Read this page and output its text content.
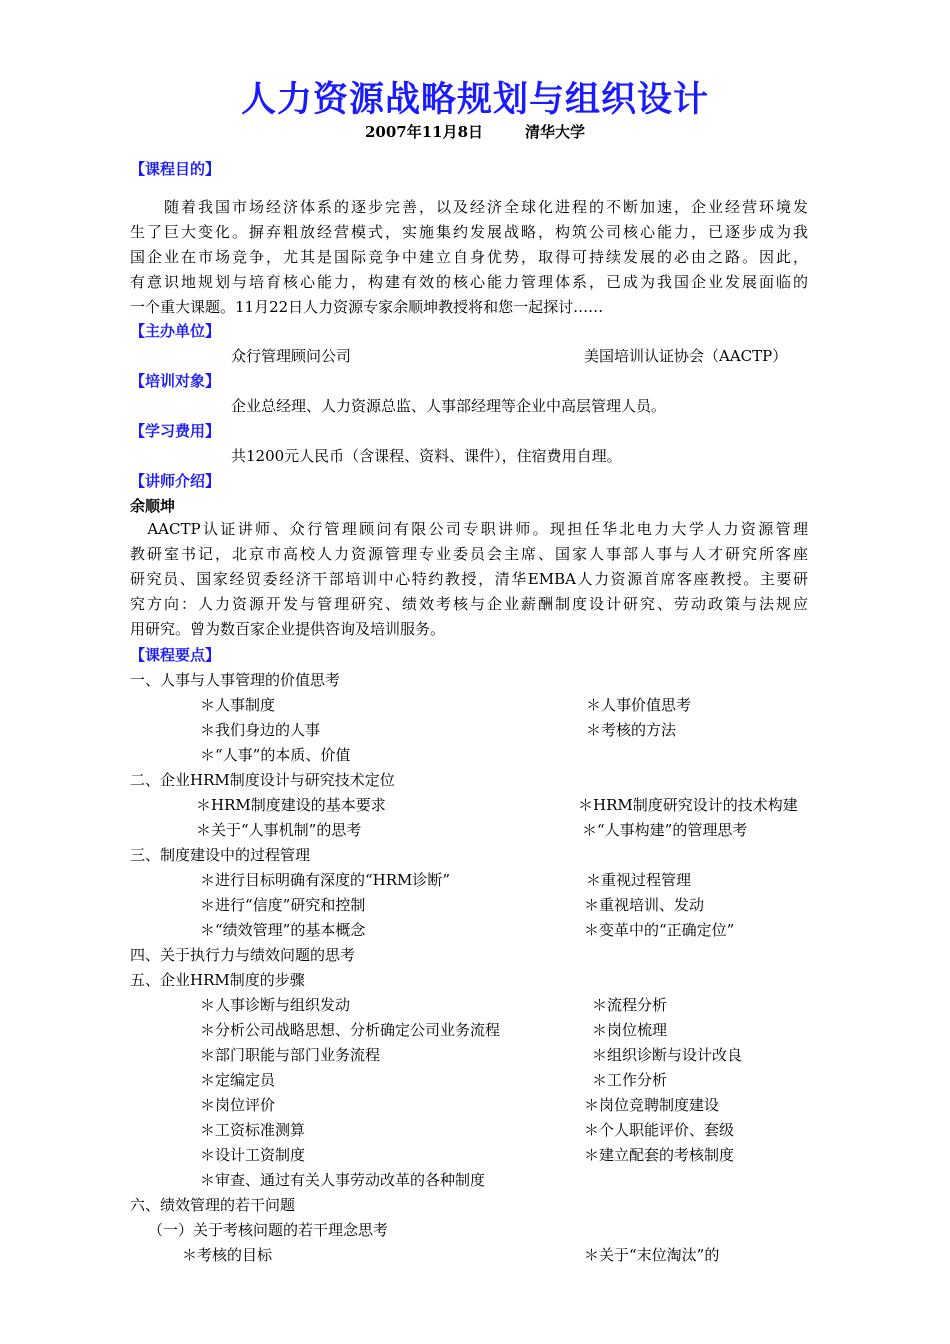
人力资源战略规划与组织设计
2007年11月8日	清华大学
【课程目的】
　　随着我国市场经济体系的逐步完善，以及经济全球化进程的不断加速，企业经营环境发
生了巨大变化。摒弃粗放经营模式，实施集约发展战略，构筑公司核心能力，已逐步成为我
国企业在市场竞争，尤其是国际竞争中建立自身优势，取得可持续发展的必由之路。因此，
有意识地规划与培育核心能力，构建有效的核心能力管理体系，已成为我国企业发展面临的
一个重大课题。11月22日人力资源专家余顺坤教授将和您一起探讨……
【主办单位】
众行管理顾问公司	美国培训认证协会（AACTP）
【培训对象】
企业总经理、人力资源总监、人事部经理等企业中高层管理人员。
【学习费用】
共1200元人民币（含课程、资料、课件），住宿费用自理。
【讲师介绍】
余顺坤
　AACTP认证讲师、众行管理顾问有限公司专职讲师。现担任华北电力大学人力资源管理
教研室书记，北京市高校人力资源管理专业委员会主席、国家人事部人事与人才研究所客座
研究员、国家经贸委经济干部培训中心特约教授，清华EMBA人力资源首席客座教授。主要研
究方向：人力资源开发与管理研究、绩效考核与企业薪酬制度设计研究、劳动政策与法规应
用研究。曾为数百家企业提供咨询及培训服务。
【课程要点】
一、人事与人事管理的价值思考
＊人事制度	＊人事价值思考
＊我们身边的人事	＊考核的方法
＊“人事”的本质、价值
二、企业HRM制度设计与研究技术定位
＊HRM制度建设的基本要求	＊HRM制度研究设计的技术构建
＊关于“人事机制”的思考	＊“人事构建”的管理思考
三、制度建设中的过程管理
＊进行目标明确有深度的“HRM诊断”	＊重视过程管理
＊进行“信度”研究和控制	＊重视培训、发动
＊“绩效管理”的基本概念	＊变革中的“正确定位”
四、关于执行力与绩效问题的思考
五、企业HRM制度的步骤
＊人事诊断与组织发动	＊流程分析
＊分析公司战略思想、分析确定公司业务流程	＊岗位梳理
＊部门职能与部门业务流程	＊组织诊断与设计改良
＊定编定员	＊工作分析
＊岗位评价	＊岗位竞聘制度建设
＊工资标准测算	＊个人职能评价、套级
＊设计工资制度	＊建立配套的考核制度
＊审查、通过有关人事劳动改革的各种制度
六、绩效管理的若干问题
（一）关于考核问题的若干理念思考
＊考核的目标	＊关于“末位淘汰”的
